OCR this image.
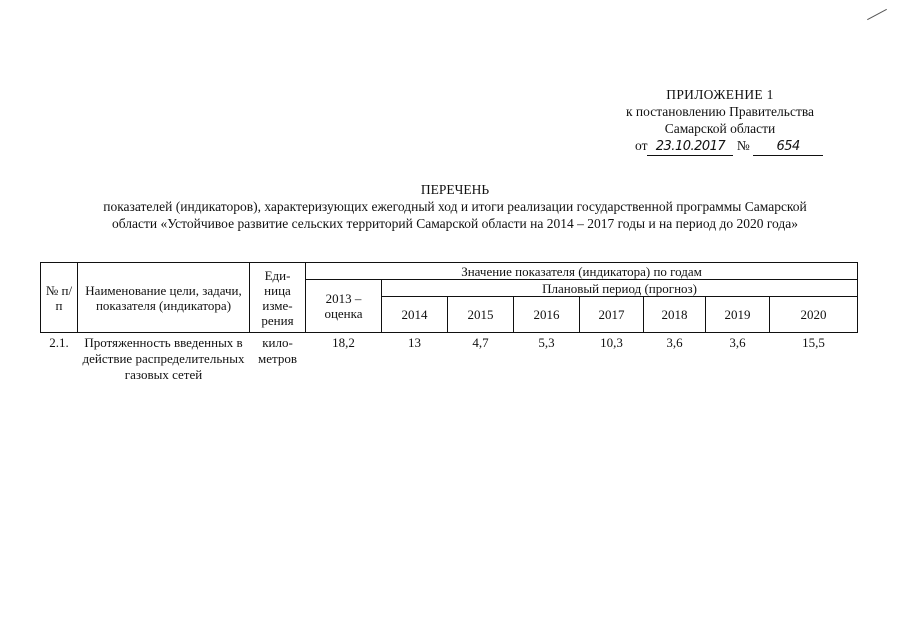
ПРИЛОЖЕНИЕ 1
к постановлению Правительства
Самарской области
от 23.10.2017 № 654
ПЕРЕЧЕНЬ
показателей (индикаторов), характеризующих ежегодный ход и итоги реализации государственной программы Самарской
области «Устойчивое развитие сельских территорий Самарской области на 2014 – 2017 годы и на период до 2020 года»
№ п/п	Наименование цели, задачи, показателя (индикатора)	Еди- ница изме- рения	Значение показателя (индикатора) по годам							
			2013 – оценка	Плановый период (прогноз)						
				2014	2015	2016	2017	2018	2019	2020
2.1.	Протяженность введенных в действие распределительных газовых сетей	кило- метров	18,2	13	4,7	5,3	10,3	3,6	3,6	15,5
